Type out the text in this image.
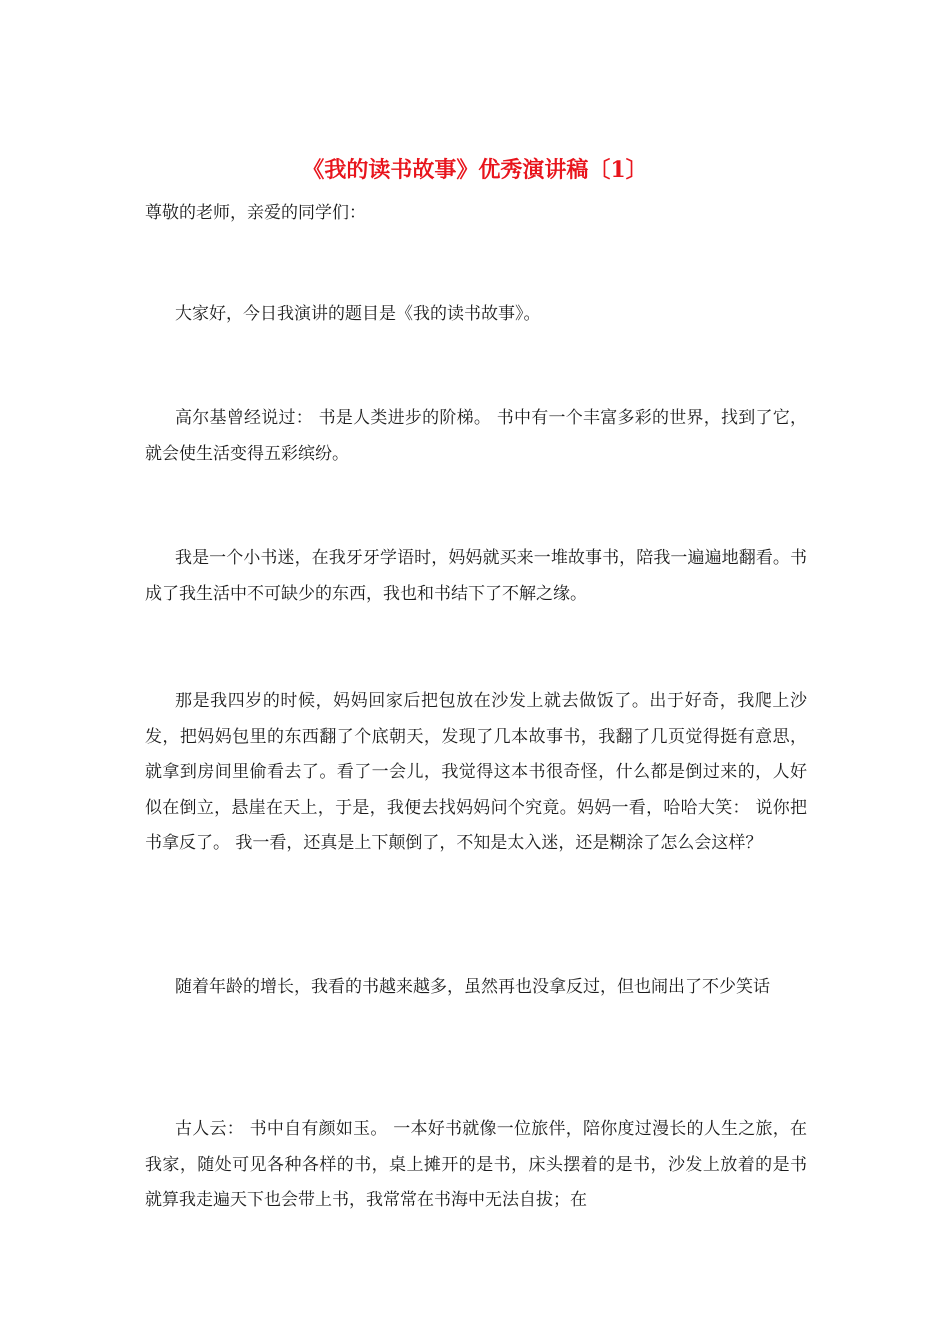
《我的读书故事》优秀演讲稿〔1〕

尊敬的老师，亲爱的同学们：

大家好，今日我演讲的题目是《我的读书故事》。

高尔基曾经说过： 书是人类进步的阶梯。 书中有一个丰富多彩的世界，找到了它，就会使生活变得五彩缤纷。

我是一个小书迷，在我牙牙学语时，妈妈就买来一堆故事书，陪我一遍遍地翻看。书成了我生活中不可缺少的东西，我也和书结下了不解之缘。

那是我四岁的时候，妈妈回家后把包放在沙发上就去做饭了。出于好奇，我爬上沙发，把妈妈包里的东西翻了个底朝天，发现了几本故事书，我翻了几页觉得挺有意思，就拿到房间里偷看去了。看了一会儿，我觉得这本书很奇怪，什么都是倒过来的，人好似在倒立，悬崖在天上，于是，我便去找妈妈问个究竟。妈妈一看，哈哈大笑： 说你把书拿反了。 我一看，还真是上下颠倒了，不知是太入迷，还是糊涂了怎么会这样？

随着年龄的增长，我看的书越来越多，虽然再也没拿反过，但也闹出了不少笑话

古人云： 书中自有颜如玉。 一本好书就像一位旅伴，陪你度过漫长的人生之旅，在我家，随处可见各种各样的书，桌上摊开的是书，床头摆着的是书，沙发上放着的是书 就算我走遍天下也会带上书，我常常在书海中无法自拔；在
